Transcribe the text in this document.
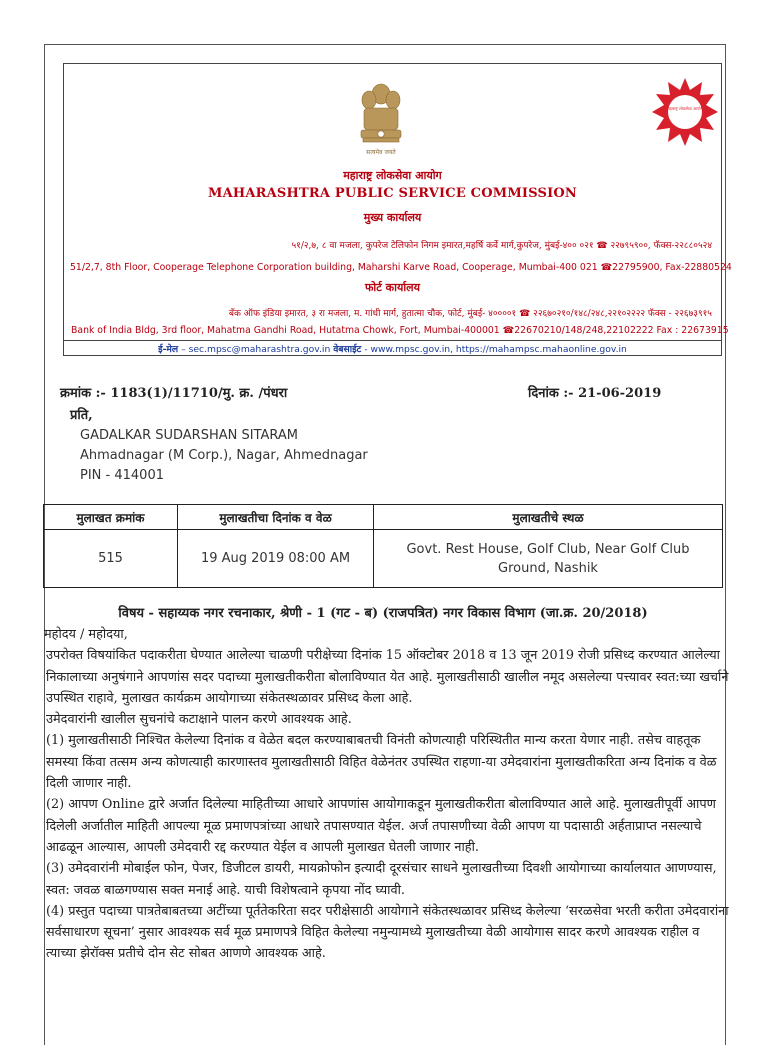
सत्यमेव जयते
महाराष्ट्र लोकसेवा आयोग
महाराष्ट्र लोकसेवा आयोग
MAHARASHTRA PUBLIC SERVICE COMMISSION
मुख्य कार्यालय
५१/२,७, ८ वा मजला, कुपरेज टेलिफोन निगम इमारत,महर्षि कर्वे मार्ग,कुपरेज, मुंबई-४०० ०२१ ☎ २२७९५९००, फॅक्स-२२८८०५२४
51/2,7, 8th Floor, Cooperage Telephone Corporation building, Maharshi Karve Road, Cooperage, Mumbai-400 021 ☎22795900, Fax-22880524
फोर्ट कार्यालय
बँक ऑफ इंडिया इमारत, ३ रा मजला, म. गांधी मार्ग, हुतात्मा चौक, फोर्ट, मुंबई- ४००००१ ☎ २२६७०२१०/१४८/२४८,२२१०२२२२ फॅक्स - २२६७३९१५
Bank of India Bldg, 3rd floor, Mahatma Gandhi Road, Hutatma Chowk, Fort, Mumbai-400001 ☎22670210/148/248,22102222 Fax : 22673915
ई-मेल – sec.mpsc@maharashtra.gov.in वेबसाईट - www.mpsc.gov.in, https://mahampsc.mahaonline.gov.in
क्रमांक :- 1183(1)/11710/मु. क्र. /पंधरा	दिनांक :- 21-06-2019
प्रति,
GADALKAR SUDARSHAN SITARAM
Ahmadnagar (M Corp.), Nagar, Ahmednagar
PIN - 414001
मुलाखत क्रमांक	मुलाखतीचा दिनांक व वेळ	मुलाखतीचे स्थळ
515	19 Aug 2019 08:00 AM	Govt. Rest House, Golf Club, Near Golf Club Ground, Nashik
विषय - सहाय्यक नगर रचनाकार, श्रेणी - 1 (गट - ब) (राजपत्रित) नगर विकास विभाग (जा.क्र. 20/2018)

महोदय / महोदया,

उपरोक्त विषयांकित पदाकरीता घेण्यात आलेल्या चाळणी परीक्षेच्या दिनांक 15 ऑक्टोबर 2018 व 13 जून 2019 रोजी प्रसिध्द करण्यात आलेल्या निकालाच्या अनुषंगाने आपणांस सदर पदाच्या मुलाखतीकरीता बोलाविण्यात येत आहे. मुलाखतीसाठी खालील नमूद असलेल्या पत्त्यावर स्वत:च्या खर्चाने उपस्थित राहावे, मुलाखत कार्यक्रम आयोगाच्या संकेतस्थळावर प्रसिध्द केला आहे.

उमेदवारांनी खालील सुचनांचे कटाक्षाने पालन करणे आवश्यक आहे.

(1) मुलाखतीसाठी निश्चित केलेल्या दिनांक व वेळेत बदल करण्याबाबतची विनंती कोणत्याही परिस्थितीत मान्य करता येणार नाही. तसेच वाहतूक समस्या किंवा तत्सम अन्य कोणत्याही कारणास्तव मुलाखतीसाठी विहित वेळेनंतर उपस्थित राहणा-या उमेदवारांना मुलाखतीकरिता अन्य दिनांक व वेळ दिली जाणार नाही.

(2) आपण Online द्वारे अर्जात दिलेल्या माहितीच्या आधारे आपणांस आयोगाकडून मुलाखतीकरीता बोलाविण्यात आले आहे. मुलाखतीपूर्वी आपण दिलेली अर्जातील माहिती आपल्या मूळ प्रमाणपत्रांच्या आधारे तपासण्यात येईल. अर्ज तपासणीच्या वेळी आपण या पदासाठी अर्हताप्राप्त नसल्याचे आढळून आल्यास, आपली उमेदवारी रद्द करण्यात येईल व आपली मुलाखत घेतली जाणार नाही.

(3) उमेदवारांनी मोबाईल फोन, पेजर, डिजीटल डायरी, मायक्रोफोन इत्यादी दूरसंचार साधने मुलाखतीच्या दिवशी आयोगाच्या कार्यालयात आणण्यास, स्वत: जवळ बाळगण्यास सक्त मनाई आहे. याची विशेषत्वाने कृपया नोंद घ्यावी.

(4) प्रस्तुत पदाच्या पात्रतेबाबतच्या अटींच्या पूर्ततेकरिता सदर परीक्षेसाठी आयोगाने संकेतस्थळावर प्रसिध्द केलेल्या ‘सरळसेवा भरती करीता उमेदवारांना सर्वसाधारण सूचना’ नुसार आवश्यक सर्व मूळ प्रमाणपत्रे विहित केलेल्या नमुन्यामध्ये मुलाखतीच्या वेळी आयोगास सादर करणे आवश्यक राहील व त्याच्या झेरॉक्स प्रतीचे दोन सेट सोबत आणणे आवश्यक आहे.
